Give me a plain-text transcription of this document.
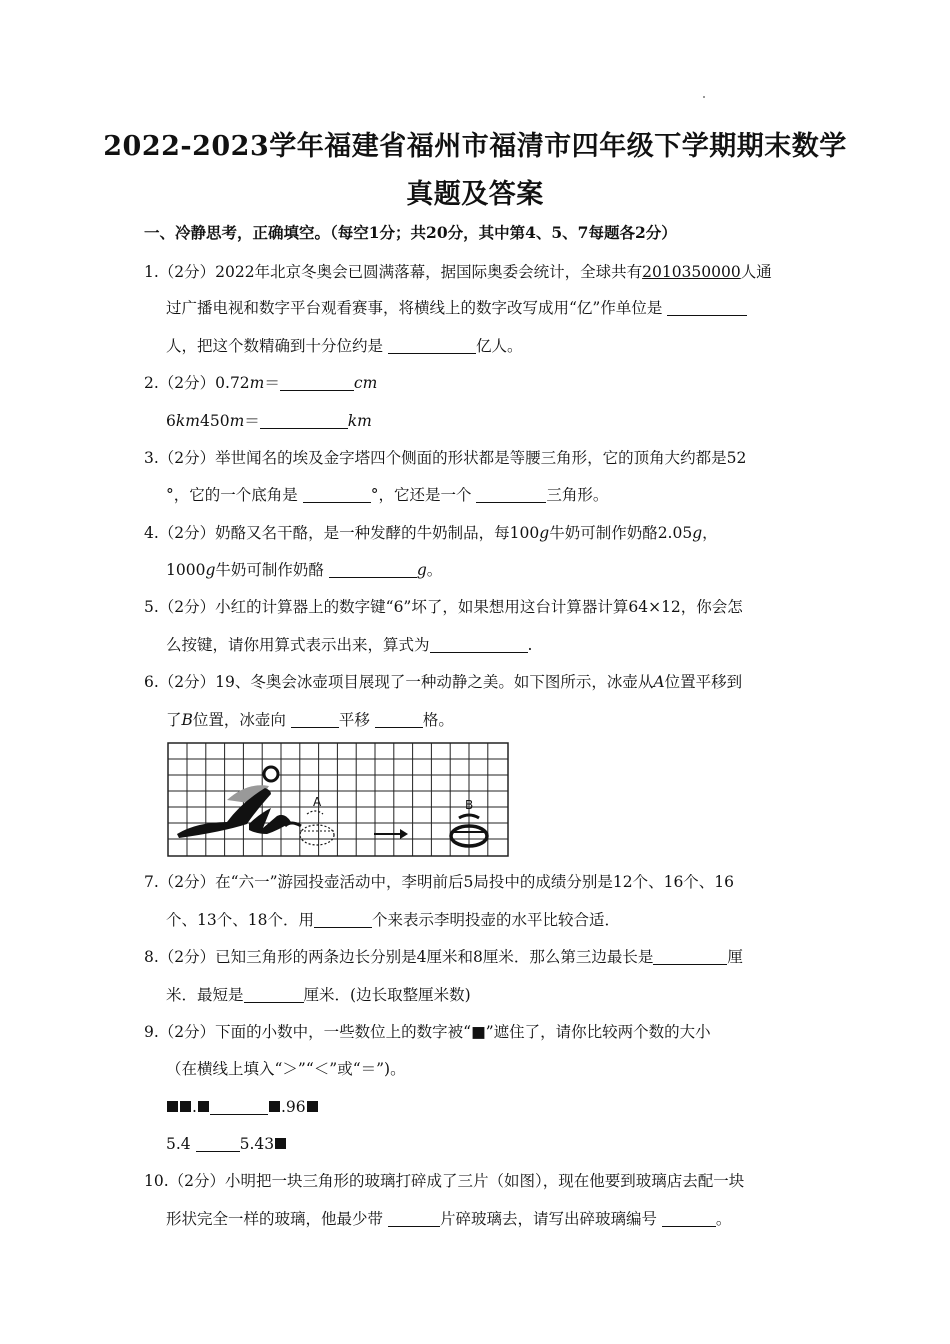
2022-2023学年福建省福州市福清市四年级下学期期末数学
真题及答案
一、冷静思考，正确填空。（每空1分；共20分，其中第4、5、7每题各2分）
1.（2分）2022年北京冬奥会已圆满落幕，据国际奥委会统计，全球共有2010350000人通
过广播电视和数字平台观看赛事，将横线上的数字改写成用“亿”作单位是
人，把这个数精确到十分位约是	亿人。
2.（2分）0.72m＝	cm
6km450m＝	km
3.（2分）举世闻名的埃及金字塔四个侧面的形状都是等腰三角形，它的顶角大约都是52
°，它的一个底角是	°，它还是一个	三角形。
4.（2分）奶酪又名干酪，是一种发酵的牛奶制品，每100g牛奶可制作奶酪2.05g，
1000g牛奶可制作奶酪	g。
5.（2分）小红的计算器上的数字键“6”坏了，如果想用这台计算器计算64×12，你会怎
么按键，请你用算式表示出来，算式为	.
6.（2分）19、冬奥会冰壶项目展现了一种动静之美。如下图所示，冰壶从A位置平移到
了B位置，冰壶向	平移	格。
A	B
7.（2分）在“六一”游园投壶活动中，李明前后5局投中的成绩分别是12个、16个、16
个、13个、18个．用	个来表示李明投壶的水平比较合适．
8.（2分）已知三角形的两条边长分别是4厘米和8厘米．那么第三边最长是	厘
米．最短是	厘米．(边长取整厘米数)
9.（2分）下面的小数中，一些数位上的数字被“■”遮住了，请你比较两个数的大小
（在横线上填入“＞”“＜”或“＝”)。
.	.96
5.4	5.43
10.（2分）小明把一块三角形的玻璃打碎成了三片（如图），现在他要到玻璃店去配一块
形状完全一样的玻璃，他最少带	片碎玻璃去，请写出碎玻璃编号	。
